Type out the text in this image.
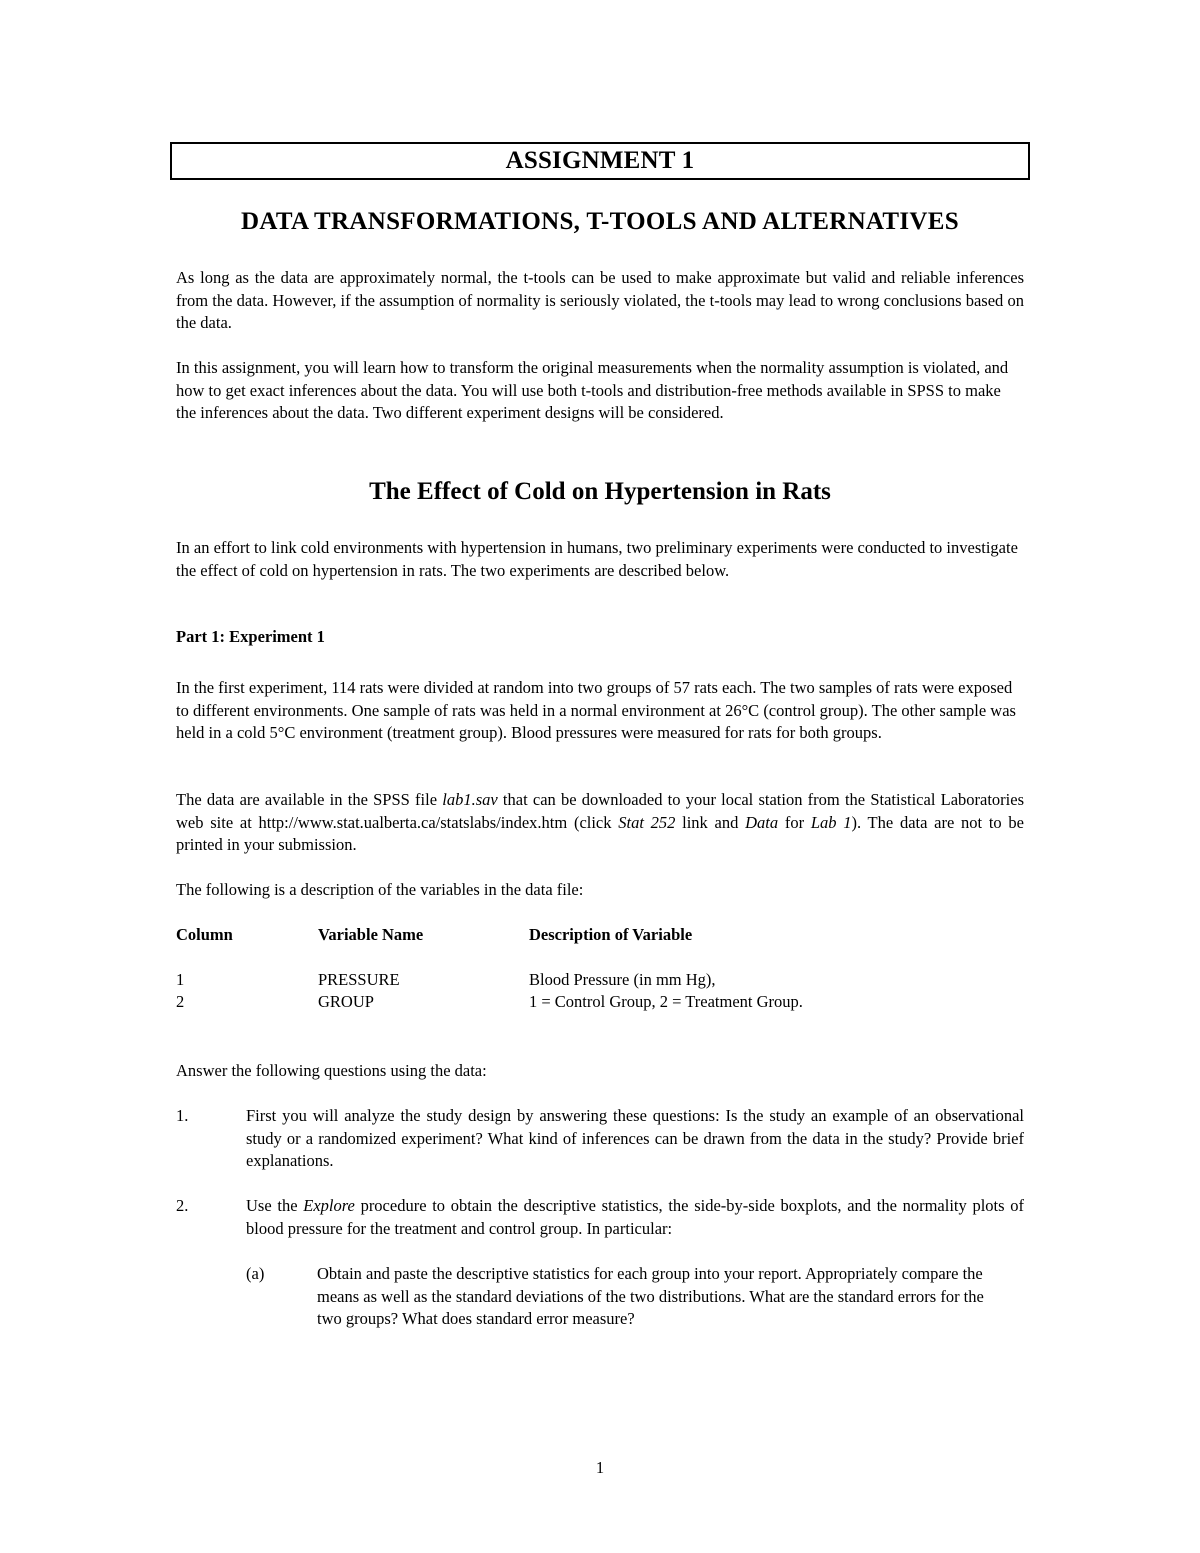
ASSIGNMENT 1
DATA TRANSFORMATIONS, T-TOOLS AND ALTERNATIVES

As long as the data are approximately normal, the t-tools can be used to make approximate but valid and reliable inferences from the data. However, if the assumption of normality is seriously violated, the t-tools may lead to wrong conclusions based on the data.

In this assignment, you will learn how to transform the original measurements when the normality assumption is violated, and how to get exact inferences about the data. You will use both t-tools and distribution-free methods available in SPSS to make the inferences about the data. Two different experiment designs will be considered.

The Effect of Cold on Hypertension in Rats

In an effort to link cold environments with hypertension in humans, two preliminary experiments were conducted to investigate the effect of cold on hypertension in rats. The two experiments are described below.

Part 1: Experiment 1

In the first experiment, 114 rats were divided at random into two groups of 57 rats each. The two samples of rats were exposed to different environments. One sample of rats was held in a normal environment at 26°C (control group). The other sample was held in a cold 5°C environment (treatment group). Blood pressures were measured for rats for both groups.

The data are available in the SPSS file lab1.sav that can be downloaded to your local station from the Statistical Laboratories web site at http://www.stat.ualberta.ca/statslabs/index.htm (click Stat 252 link and Data for Lab 1). The data are not to be printed in your submission.

The following is a description of the variables in the data file:

Column	Variable Name	Description of Variable
1	PRESSURE	Blood Pressure (in mm Hg),
2	GROUP	1 = Control Group, 2 = Treatment Group.

Answer the following questions using the data:

1.	First you will analyze the study design by answering these questions: Is the study an example of an observational study or a randomized experiment? What kind of inferences can be drawn from the data in the study? Provide brief explanations.
2.	Use the Explore procedure to obtain the descriptive statistics, the side-by-side boxplots, and the normality plots of blood pressure for the treatment and control group. In particular:
(a)	Obtain and paste the descriptive statistics for each group into your report. Appropriately compare the means as well as the standard deviations of the two distributions. What are the standard errors for the two groups? What does standard error measure?
1
